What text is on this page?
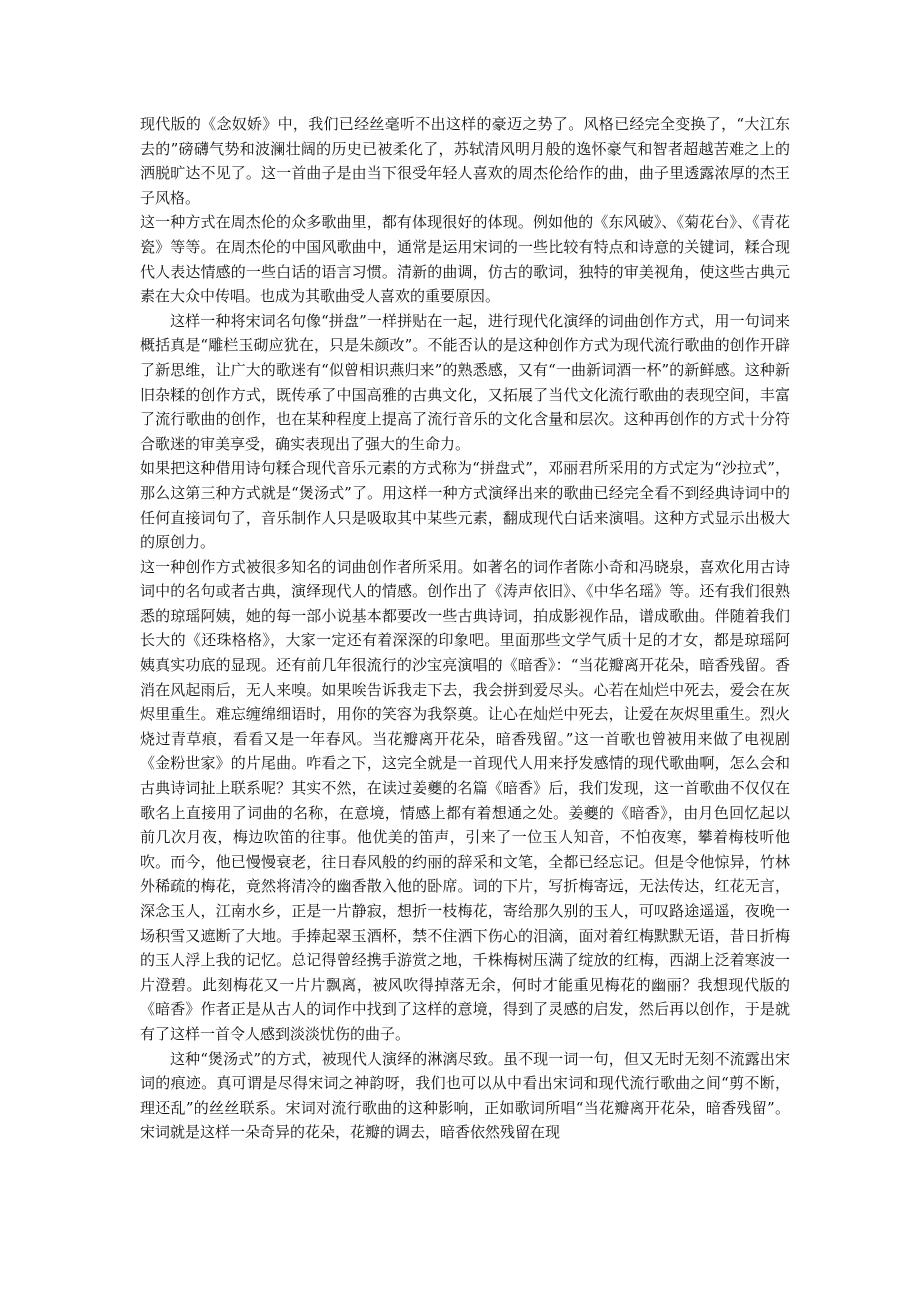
现代版的《念奴娇》中，我们已经丝毫听不出这样的豪迈之势了。风格已经完全变换了，“大江东去的”磅礴气势和波澜壮阔的历史已被柔化了，苏轼清风明月般的逸怀豪气和智者超越苦难之上的洒脱旷达不见了。这一首曲子是由当下很受年轻人喜欢的周杰伦给作的曲，曲子里透露浓厚的杰王子风格。

这一种方式在周杰伦的众多歌曲里，都有体现很好的体现。例如他的《东风破》、《菊花台》、《青花瓷》等等。在周杰伦的中国风歌曲中，通常是运用宋词的一些比较有特点和诗意的关键词，糅合现代人表达情感的一些白话的语言习惯。清新的曲调，仿古的歌词，独特的审美视角，使这些古典元素在大众中传唱。也成为其歌曲受人喜欢的重要原因。

这样一种将宋词名句像“拼盘”一样拼贴在一起，进行现代化演绎的词曲创作方式，用一句词来概括真是“雕栏玉砌应犹在，只是朱颜改”。不能否认的是这种创作方式为现代流行歌曲的创作开辟了新思维，让广大的歌迷有“似曾相识燕归来”的熟悉感，又有“一曲新词酒一杯”的新鲜感。这种新旧杂糅的创作方式，既传承了中国高雅的古典文化，又拓展了当代文化流行歌曲的表现空间，丰富了流行歌曲的创作，也在某种程度上提高了流行音乐的文化含量和层次。这种再创作的方式十分符合歌迷的审美享受，确实表现出了强大的生命力。

如果把这种借用诗句糅合现代音乐元素的方式称为“拼盘式”，邓丽君所采用的方式定为“沙拉式”，那么这第三种方式就是“煲汤式”了。用这样一种方式演绎出来的歌曲已经完全看不到经典诗词中的任何直接词句了，音乐制作人只是吸取其中某些元素，翻成现代白话来演唱。这种方式显示出极大的原创力。

这一种创作方式被很多知名的词曲创作者所采用。如著名的词作者陈小奇和冯晓泉，喜欢化用古诗词中的名句或者古典，演绎现代人的情感。创作出了《涛声依旧》、《中华名瑶》等。还有我们很熟悉的琼瑶阿姨，她的每一部小说基本都要改一些古典诗词，拍成影视作品，谱成歌曲。伴随着我们长大的《还珠格格》，大家一定还有着深深的印象吧。里面那些文学气质十足的才女，都是琼瑶阿姨真实功底的显现。还有前几年很流行的沙宝亮演唱的《暗香》：“当花瓣离开花朵，暗香残留。香消在风起雨后，无人来嗅。如果唉告诉我走下去，我会拼到爱尽头。心若在灿烂中死去，爱会在灰烬里重生。难忘缠绵细语时，用你的笑容为我祭奠。让心在灿烂中死去，让爱在灰烬里重生。烈火烧过青草痕，看看又是一年春风。当花瓣离开花朵，暗香残留。”这一首歌也曾被用来做了电视剧《金粉世家》的片尾曲。咋看之下，这完全就是一首现代人用来抒发感情的现代歌曲啊，怎么会和古典诗词扯上联系呢？其实不然，在读过姜夔的名篇《暗香》后，我们发现，这一首歌曲不仅仅在歌名上直接用了词曲的名称，在意境，情感上都有着想通之处。姜夔的《暗香》，由月色回忆起以前几次月夜，梅边吹笛的往事。他优美的笛声，引来了一位玉人知音，不怕夜寒，攀着梅枝听他吹。而今，他已慢慢衰老，往日春风般的约丽的辞采和文笔，全都已经忘记。但是令他惊异，竹林外稀疏的梅花，竟然将清冷的幽香散入他的卧席。词的下片，写折梅寄远，无法传达，红花无言，深念玉人，江南水乡，正是一片静寂，想折一枝梅花，寄给那久别的玉人，可叹路途遥遥，夜晚一场积雪又遮断了大地。手捧起翠玉酒杯，禁不住洒下伤心的泪滴，面对着红梅默默无语，昔日折梅的玉人浮上我的记忆。总记得曾经携手游赏之地，千株梅树压满了绽放的红梅，西湖上泛着寒波一片澄碧。此刻梅花又一片片飘离，被风吹得掉落无余，何时才能重见梅花的幽丽？我想现代版的《暗香》作者正是从古人的词作中找到了这样的意境，得到了灵感的启发，然后再以创作，于是就有了这样一首令人感到淡淡忧伤的曲子。

这种“煲汤式”的方式，被现代人演绎的淋漓尽致。虽不现一词一句，但又无时无刻不流露出宋词的痕迹。真可谓是尽得宋词之神韵呀，我们也可以从中看出宋词和现代流行歌曲之间“剪不断，理还乱”的丝丝联系。宋词对流行歌曲的这种影响，正如歌词所唱“当花瓣离开花朵，暗香残留”。宋词就是这样一朵奇异的花朵，花瓣的调去，暗香依然残留在现
